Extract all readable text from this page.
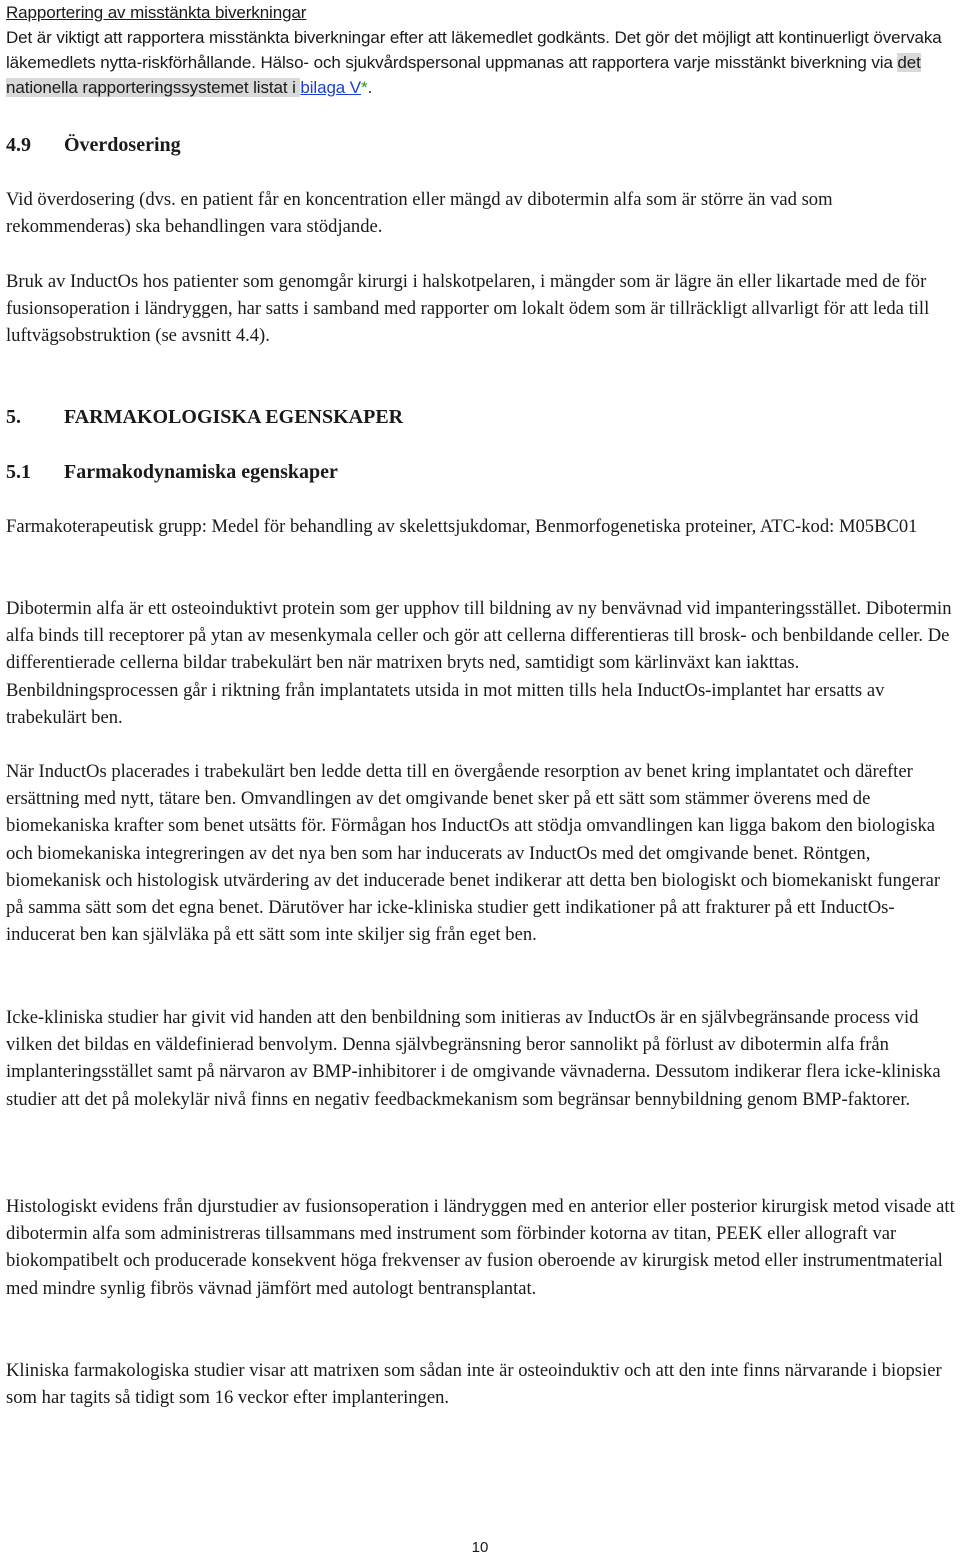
Rapportering av misstänkta biverkningar

Det är viktigt att rapportera misstänkta biverkningar efter att läkemedlet godkänts. Det gör det möjligt att kontinuerligt övervaka läkemedlets nytta-riskförhållande. Hälso- och sjukvårdspersonal uppmanas att rapportera varje misstänkt biverkning via det nationella rapporteringssystemet listat i bilaga V*.

4.9 Överdosering

Vid överdosering (dvs. en patient får en koncentration eller mängd av dibotermin alfa som är större än vad som rekommenderas) ska behandlingen vara stödjande.

Bruk av InductOs hos patienter som genomgår kirurgi i halskotpelaren, i mängder som är lägre än eller likartade med de för fusionsoperation i ländryggen, har satts i samband med rapporter om lokalt ödem som är tillräckligt allvarligt för att leda till luftvägsobstruktion (se avsnitt 4.4).

5. FARMAKOLOGISKA EGENSKAPER
5.1 Farmakodynamiska egenskaper

Farmakoterapeutisk grupp: Medel för behandling av skelettsjukdomar, Benmorfogenetiska proteiner, ATC-kod: M05BC01

Dibotermin alfa är ett osteoinduktivt protein som ger upphov till bildning av ny benvävnad vid impanteringsstället. Dibotermin alfa binds till receptorer på ytan av mesenkymala celler och gör att cellerna differentieras till brosk- och benbildande celler. De differentierade cellerna bildar trabekulärt ben när matrixen bryts ned, samtidigt som kärlinväxt kan iakttas. Benbildningsprocessen går i riktning från implantatets utsida in mot mitten tills hela InductOs-implantet har ersatts av trabekulärt ben.

När InductOs placerades i trabekulärt ben ledde detta till en övergående resorption av benet kring implantatet och därefter ersättning med nytt, tätare ben. Omvandlingen av det omgivande benet sker på ett sätt som stämmer överens med de biomekaniska krafter som benet utsätts för. Förmågan hos InductOs att stödja omvandlingen kan ligga bakom den biologiska och biomekaniska integreringen av det nya ben som har inducerats av InductOs med det omgivande benet. Röntgen, biomekanisk och histologisk utvärdering av det inducerade benet indikerar att detta ben biologiskt och biomekaniskt fungerar på samma sätt som det egna benet. Därutöver har icke-kliniska studier gett indikationer på att frakturer på ett InductOs-inducerat ben kan självläka på ett sätt som inte skiljer sig från eget ben.

Icke-kliniska studier har givit vid handen att den benbildning som initieras av InductOs är en självbegränsande process vid vilken det bildas en väldefinierad benvolym. Denna självbegränsning beror sannolikt på förlust av dibotermin alfa från implanteringsstället samt på närvaron av BMP-inhibitorer i de omgivande vävnaderna. Dessutom indikerar flera icke-kliniska studier att det på molekylär nivå finns en negativ feedbackmekanism som begränsar bennybildning genom BMP-faktorer.

Histologiskt evidens från djurstudier av fusionsoperation i ländryggen med en anterior eller posterior kirurgisk metod visade att dibotermin alfa som administreras tillsammans med instrument som förbinder kotorna av titan, PEEK eller allograft var biokompatibelt och producerade konsekvent höga frekvenser av fusion oberoende av kirurgisk metod eller instrumentmaterial med mindre synlig fibrös vävnad jämfört med autologt bentransplantat.

Kliniska farmakologiska studier visar att matrixen som sådan inte är osteoinduktiv och att den inte finns närvarande i biopsier som har tagits så tidigt som 16 veckor efter implanteringen.

10
